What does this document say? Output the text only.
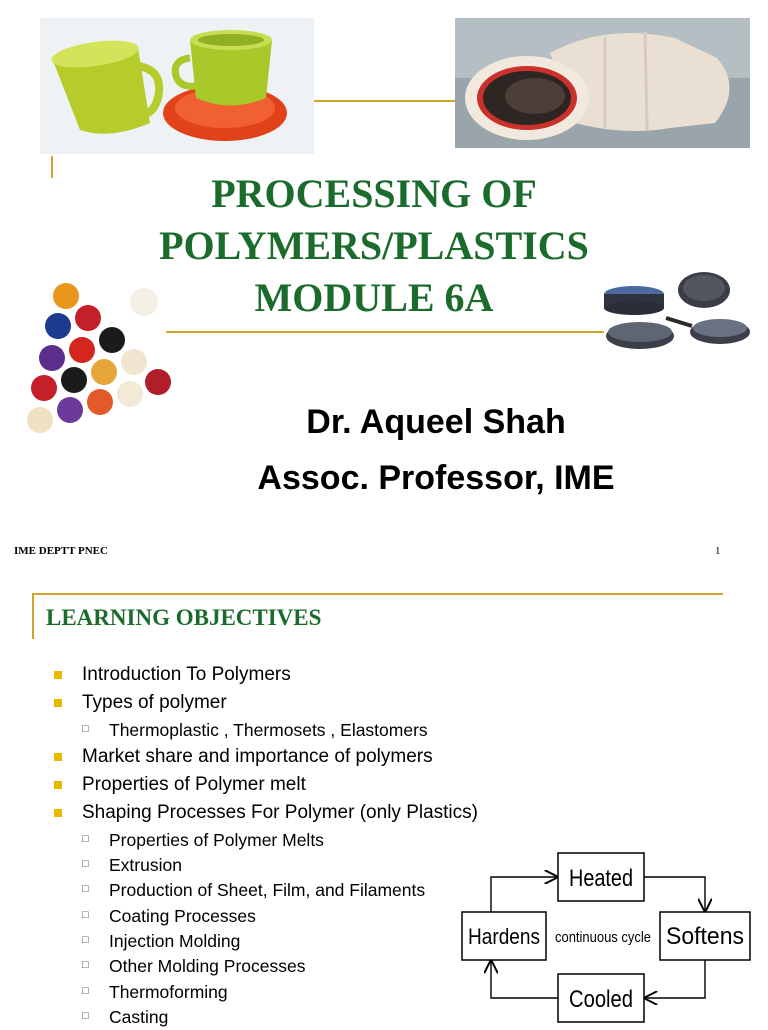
PROCESSING OF
POLYMERS/PLASTICS
MODULE 6A
Dr. Aqueel Shah
Assoc. Professor, IME
IME DEPTT PNEC	1
LEARNING OBJECTIVES
Introduction To Polymers
Types of polymer
□ Thermoplastic , Thermosets , Elastomers
Market share and importance of polymers
Properties of Polymer melt
Shaping Processes For Polymer (only Plastics)
□ Properties of Polymer Melts
□ Extrusion
□ Production of Sheet, Film, and Filaments
□ Coating Processes
□ Injection Molding
□ Other Molding Processes
□ Thermoforming
□ Casting
Heated
Softens
Cooled
Hardens continuous cycle
